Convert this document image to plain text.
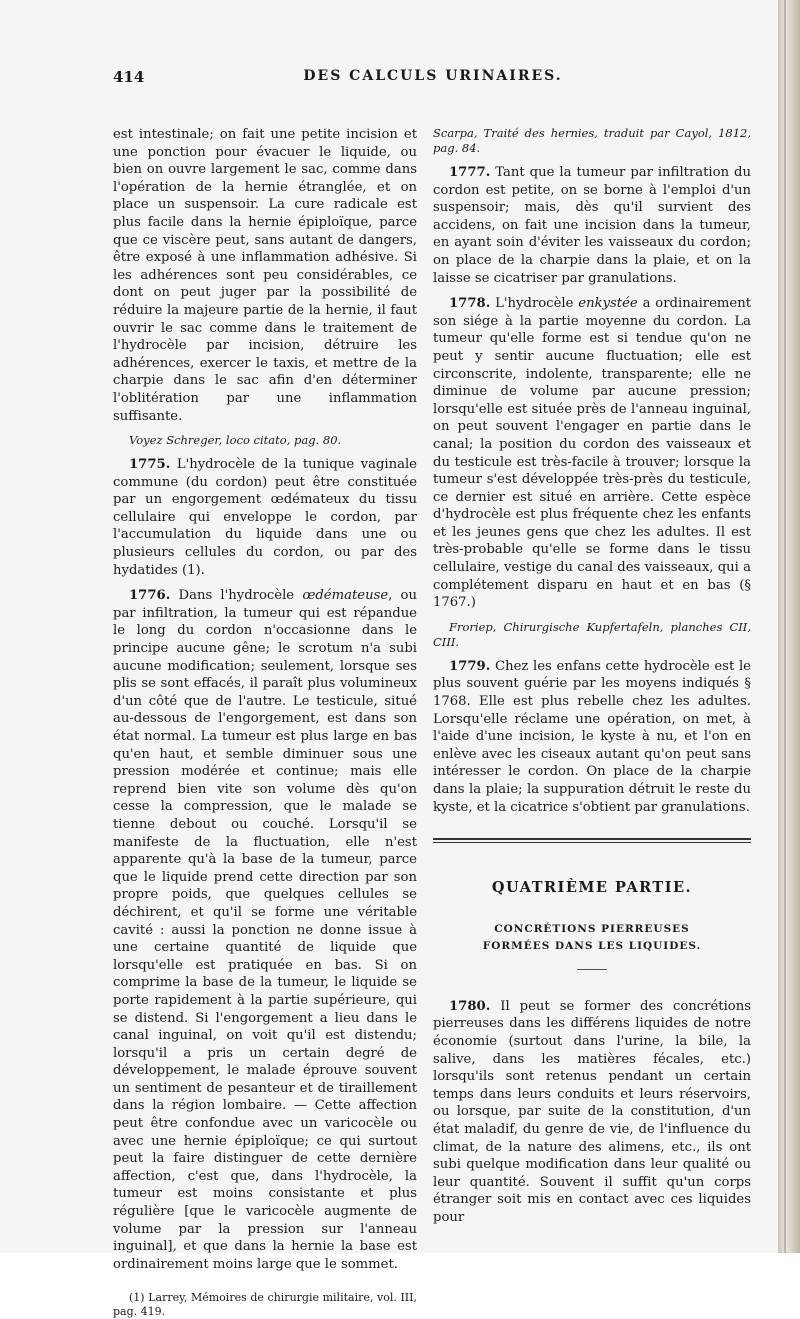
414	DES CALCULS URINAIRES.

est intestinale; on fait une petite incision et une ponction pour évacuer le liquide, ou bien on ouvre largement le sac, comme dans l'opération de la hernie étranglée, et on place un suspensoir. La cure radicale est plus facile dans la hernie épiploïque, parce que ce viscère peut, sans autant de dangers, être exposé à une inflammation adhésive. Si les adhérences sont peu considérables, ce dont on peut juger par la possibilité de réduire la majeure partie de la hernie, il faut ouvrir le sac comme dans le traitement de l'hydrocèle par incision, détruire les adhérences, exercer le taxis, et mettre de la charpie dans le sac afin d'en déterminer l'oblitération par une inflammation suffisante.

Voyez Schreger, loco citato, pag. 80.

1775. L'hydrocèle de la tunique vaginale commune (du cordon) peut être constituée par un engorgement œdémateux du tissu cellulaire qui enveloppe le cordon, par l'accumulation du liquide dans une ou plusieurs cellules du cordon, ou par des hydatides (1).

1776. Dans l'hydrocèle œdémateuse, ou par infiltration, la tumeur qui est répandue le long du cordon n'occasionne dans le principe aucune gêne; le scrotum n'a subi aucune modification; seulement, lorsque ses plis se sont effacés, il paraît plus volumineux d'un côté que de l'autre. Le testicule, situé au-dessous de l'engorgement, est dans son état normal. La tumeur est plus large en bas qu'en haut, et semble diminuer sous une pression modérée et continue; mais elle reprend bien vite son volume dès qu'on cesse la compression, que le malade se tienne debout ou couché. Lorsqu'il se manifeste de la fluctuation, elle n'est apparente qu'à la base de la tumeur, parce que le liquide prend cette direction par son propre poids, que quelques cellules se déchirent, et qu'il se forme une véritable cavité : aussi la ponction ne donne issue à une certaine quantité de liquide que lorsqu'elle est pratiquée en bas. Si on comprime la base de la tumeur, le liquide se porte rapidement à la partie supérieure, qui se distend. Si l'engorgement a lieu dans le canal inguinal, on voit qu'il est distendu; lorsqu'il a pris un certain degré de développement, le malade éprouve souvent un sentiment de pesanteur et de tiraillement dans la région lombaire. — Cette affection peut être confondue avec un varicocèle ou avec une hernie épiploïque; ce qui surtout peut la faire distinguer de cette dernière affection, c'est que, dans l'hydrocèle, la tumeur est moins consistante et plus régulière [que le varicocèle augmente de volume par la pression sur l'anneau inguinal], et que dans la hernie la base est ordinairement moins large que le sommet.

(1) Larrey, Mémoires de chirurgie militaire, vol. III, pag. 419.

Scarpa, Traité des hernies, traduit par Cayol, 1812, pag. 84.

1777. Tant que la tumeur par infiltration du cordon est petite, on se borne à l'emploi d'un suspensoir; mais, dès qu'il survient des accidens, on fait une incision dans la tumeur, en ayant soin d'éviter les vaisseaux du cordon; on place de la charpie dans la plaie, et on la laisse se cicatriser par granulations.

1778. L'hydrocèle enkystée a ordinairement son siége à la partie moyenne du cordon. La tumeur qu'elle forme est si tendue qu'on ne peut y sentir aucune fluctuation; elle est circonscrite, indolente, transparente; elle ne diminue de volume par aucune pression; lorsqu'elle est située près de l'anneau inguinal, on peut souvent l'engager en partie dans le canal; la position du cordon des vaisseaux et du testicule est très-facile à trouver; lorsque la tumeur s'est développée très-près du testicule, ce dernier est situé en arrière. Cette espèce d'hydrocèle est plus fréquente chez les enfants et les jeunes gens que chez les adultes. Il est très-probable qu'elle se forme dans le tissu cellulaire, vestige du canal des vaisseaux, qui a complétement disparu en haut et en bas (§ 1767.)

Froriep, Chirurgische Kupfertafeln, planches CII, CIII.

1779. Chez les enfans cette hydrocèle est le plus souvent guérie par les moyens indiqués § 1768. Elle est plus rebelle chez les adultes. Lorsqu'elle réclame une opération, on met, à l'aide d'une incision, le kyste à nu, et l'on en enlève avec les ciseaux autant qu'on peut sans intéresser le cordon. On place de la charpie dans la plaie; la suppuration détruit le reste du kyste, et la cicatrice s'obtient par granulations.

QUATRIÈME PARTIE.
CONCRÉTIONS PIERREUSES FORMÉES DANS LES LIQUIDES.

1780. Il peut se former des concrétions pierreuses dans les différens liquides de notre économie (surtout dans l'urine, la bile, la salive, dans les matières fécales, etc.) lorsqu'ils sont retenus pendant un certain temps dans leurs conduits et leurs réservoirs, ou lorsque, par suite de la constitution, d'un état maladif, du genre de vie, de l'influence du climat, de la nature des alimens, etc., ils ont subi quelque modification dans leur qualité ou leur quantité. Souvent il suffit qu'un corps étranger soit mis en contact avec ces liquides pour
